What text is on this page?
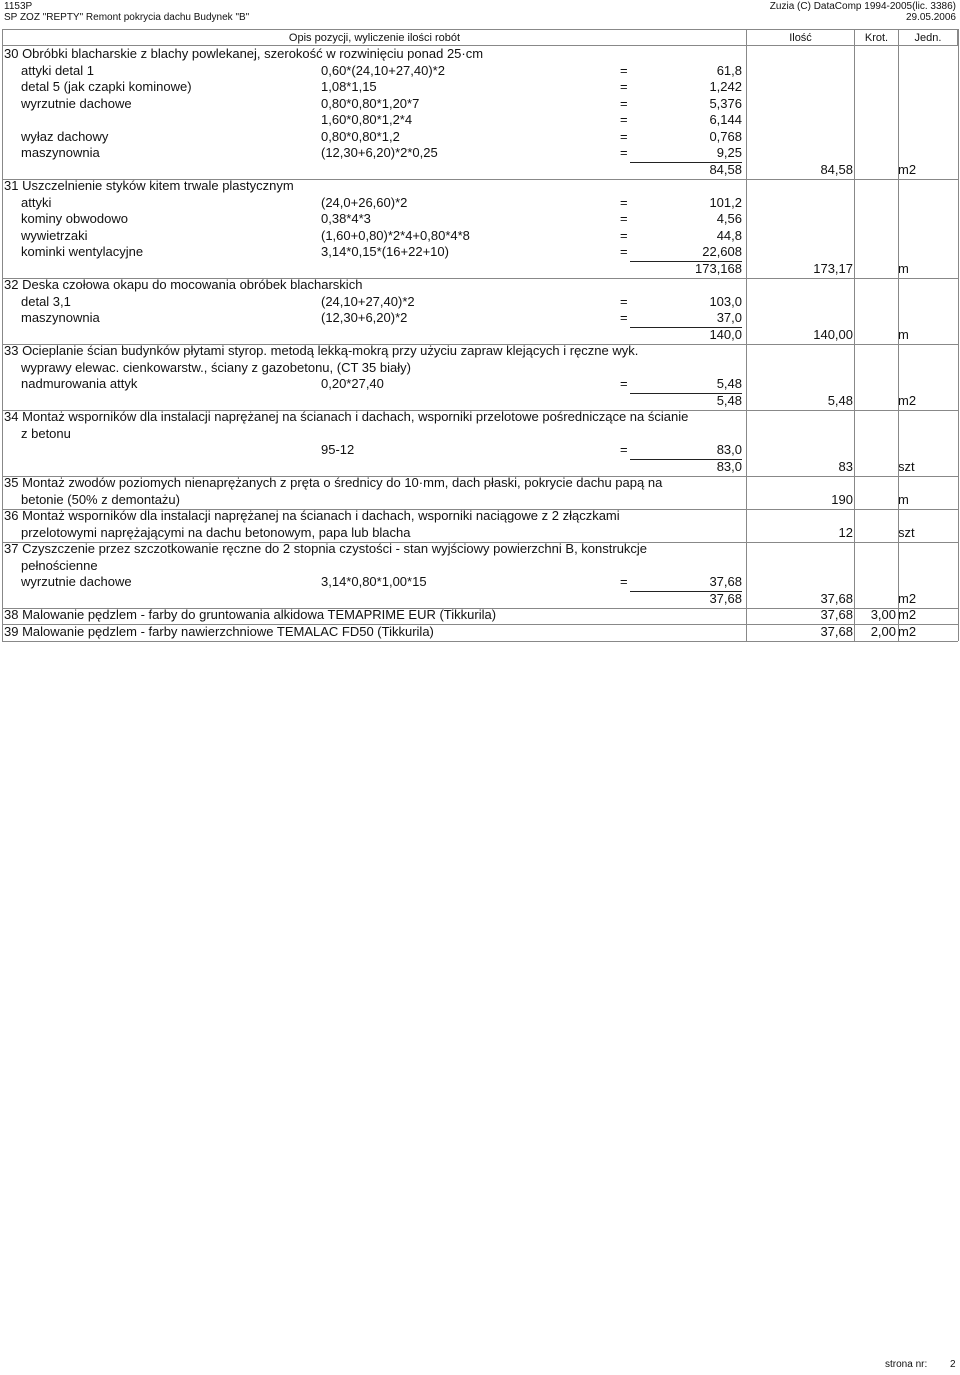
1153P
SP ZOZ "REPTY" Remont pokrycia dachu Budynek "B"
Zuzia (C) DataComp 1994-2005(lic. 3386)
29.05.2006
Opis pozycji, wyliczenie ilości robót	Ilość	Krot.	Jedn.
30 Obróbki blacharskie z blachy powlekanej, szerokość w rozwinięciu ponad 25·cm
attyki detal 1	0,60*(24,10+27,40)*2	=	61,8
detal 5 (jak czapki kominowe)	1,08*1,15	=	1,242
wyrzutnie dachowe	0,80*0,80*1,20*7	=	5,376
1,60*0,80*1,2*4	=	6,144
wyłaz dachowy	0,80*0,80*1,2	=	0,768
maszynownia	(12,30+6,20)*2*0,25	=	9,25
84,58	84,58	m2
31 Uszczelnienie styków kitem trwale plastycznym
attyki	(24,0+26,60)*2	=	101,2
kominy obwodowo	0,38*4*3	=	4,56
wywietrzaki	(1,60+0,80)*2*4+0,80*4*8	=	44,8
kominki wentylacyjne	3,14*0,15*(16+22+10)	=	22,608
173,168	173,17	m
32 Deska czołowa okapu do mocowania obróbek blacharskich
detal 3,1	(24,10+27,40)*2	=	103,0
maszynownia	(12,30+6,20)*2	=	37,0
140,0	140,00	m
33 Ocieplanie ścian budynków płytami styrop. metodą lekką-mokrą przy użyciu zapraw klejących i ręczne wyk.
wyprawy elewac. cienkowarstw., ściany z gazobetonu, (CT 35 biały)
nadmurowania attyk	0,20*27,40	=	5,48
5,48	5,48	m2
34 Montaż wsporników dla instalacji naprężanej na ścianach i dachach, wsporniki przelotowe pośredniczące na ścianie
z betonu
95-12	=	83,0
83,0	83	szt
35 Montaż zwodów poziomych nienaprężanych z pręta o średnicy do 10·mm, dach płaski, pokrycie dachu papą na
betonie (50% z demontażu)	190	m
36 Montaż wsporników dla instalacji naprężanej na ścianach i dachach, wsporniki naciągowe z 2 złączkami
przelotowymi naprężającymi na dachu betonowym, papa lub blacha	12	szt
37 Czyszczenie przez szczotkowanie ręczne do 2 stopnia czystości - stan wyjściowy powierzchni B, konstrukcje
pełnościenne
wyrzutnie dachowe	3,14*0,80*1,00*15	=	37,68
37,68	37,68	m2
38 Malowanie pędzlem - farby do gruntowania alkidowa TEMAPRIME EUR (Tikkurila)	37,68 3,00 m2
39 Malowanie pędzlem - farby nawierzchniowe TEMALAC FD50 (Tikkurila)	37,68 2,00 m2
strona nr: 2
